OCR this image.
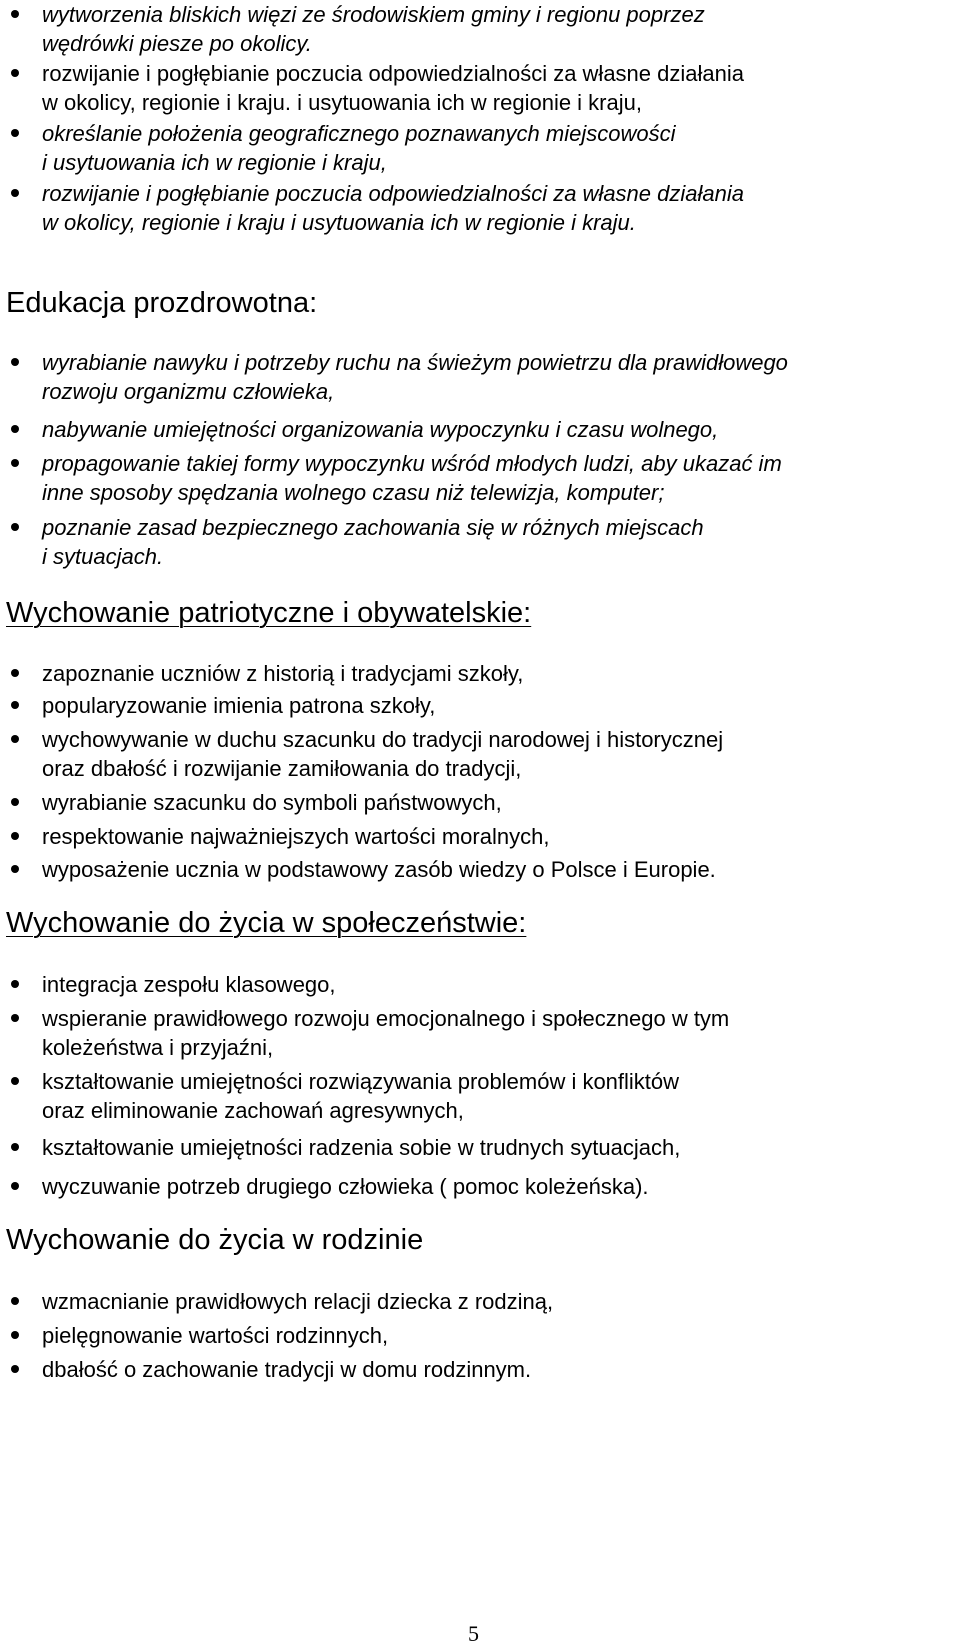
wytworzenia bliskich więzi ze środowiskiem gminy i regionu poprzez
wędrówki piesze po okolicy.
rozwijanie i pogłębianie poczucia odpowiedzialności za własne działania
w okolicy, regionie i kraju. i usytuowania ich w regionie i kraju,
określanie położenia geograficznego poznawanych miejscowości
i usytuowania ich w regionie i kraju,
rozwijanie i pogłębianie poczucia odpowiedzialności za własne działania
w okolicy, regionie i kraju i usytuowania ich w regionie i kraju.
Edukacja prozdrowotna:
wyrabianie nawyku i potrzeby ruchu na świeżym powietrzu dla prawidłowego
rozwoju organizmu człowieka,
nabywanie umiejętności organizowania wypoczynku i czasu wolnego,
propagowanie takiej formy wypoczynku wśród młodych ludzi, aby ukazać im
inne sposoby spędzania wolnego czasu niż telewizja, komputer;
poznanie zasad bezpiecznego zachowania się w różnych miejscach
i sytuacjach.
Wychowanie patriotyczne i obywatelskie:
zapoznanie uczniów z historią i tradycjami szkoły,
popularyzowanie imienia patrona szkoły,
wychowywanie w duchu szacunku do tradycji narodowej i historycznej
oraz dbałość i rozwijanie zamiłowania do tradycji,
wyrabianie szacunku do symboli państwowych,
respektowanie najważniejszych wartości moralnych,
wyposażenie ucznia w podstawowy zasób wiedzy o Polsce i Europie.
Wychowanie do życia w społeczeństwie:
integracja zespołu klasowego,
wspieranie prawidłowego rozwoju emocjonalnego i społecznego w tym
koleżeństwa i przyjaźni,
kształtowanie umiejętności rozwiązywania problemów i konfliktów
oraz eliminowanie zachowań agresywnych,
kształtowanie umiejętności radzenia sobie w trudnych sytuacjach,
wyczuwanie potrzeb drugiego człowieka ( pomoc koleżeńska).
Wychowanie do życia w rodzinie
wzmacnianie prawidłowych relacji dziecka z rodziną,
pielęgnowanie wartości rodzinnych,
dbałość o zachowanie tradycji w domu rodzinnym.
5
